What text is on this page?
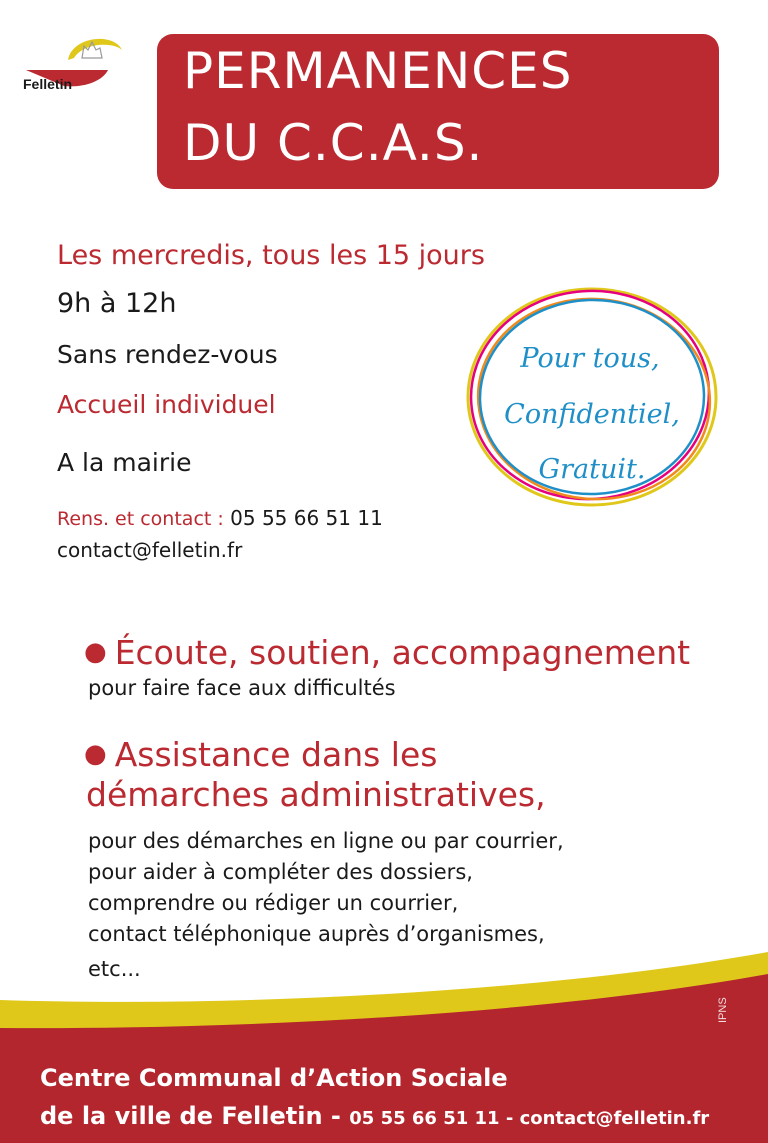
Felletin PERMANENCES
DU C.C.A.S.
Les mercredis, tous les 15 jours
9h à 12h
Sans rendez-vous
Accueil individuel
A la mairie
Rens. et contact : 05 55 66 51 11
contact@felletin.fr
Pour tous,
Confidentiel,
Gratuit.
● Écoute, soutien, accompagnement
pour faire face aux difficultés
● Assistance dans les
démarches administratives,
pour des démarches en ligne ou par courrier,
pour aider à compléter des dossiers,
comprendre ou rédiger un courrier,
contact téléphonique auprès d’organismes,
etc...
IPNS
Centre Communal d’Action Sociale
de la ville de Felletin - 05 55 66 51 11 - contact@felletin.fr
